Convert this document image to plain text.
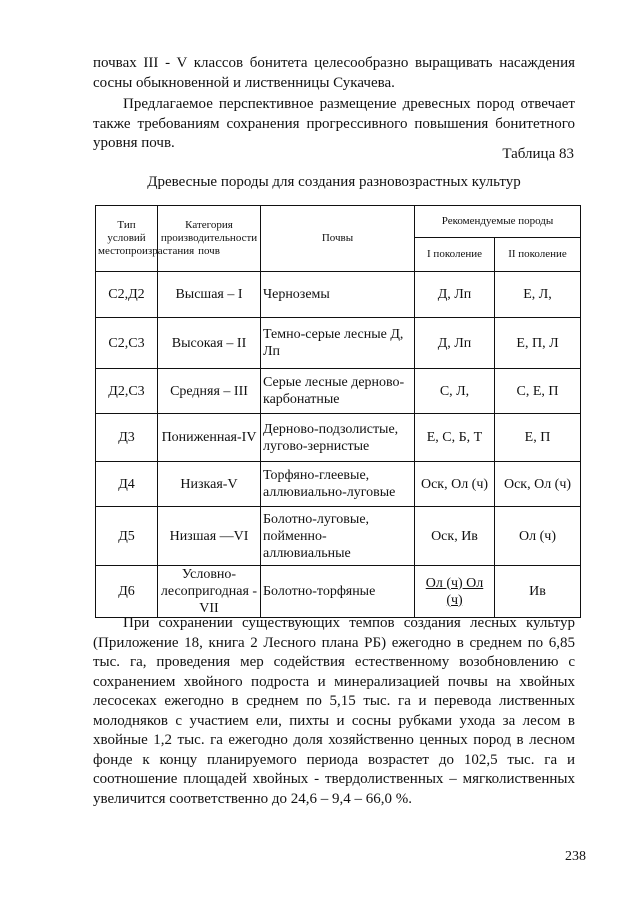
почвах III - V классов бонитета целесообразно выращивать насаждения сосны обыкновенной и лиственницы Сукачева.

Предлагаемое перспективное размещение древесных пород отвечает также требованиям сохранения прогрессивного повышения бонитетного уровня почв.

Таблица 83
Древесные породы для создания разновозрастных культур
Тип условий местопроизрастания	Категория производительности почв	Почвы	Рекомендуемые породы	
			I поколение	II поколение
С2,Д2	Высшая – I	Черноземы	Д, Лп	Е, Л,
С2,С3	Высокая – II	Темно-серые лесные Д, Лп	Д, Лп	Е, П, Л
Д2,С3	Средняя – III	Серые лесные дерново-карбонатные	С, Л,	С, Е, П
Д3	Пониженная-IV	Дерново-подзолистые, лугово-зернистые	Е, С, Б, Т	Е, П
Д4	Низкая-V	Торфяно-глеевые, аллювиально-луговые	Оск, Ол (ч)	Оск, Ол (ч)
Д5	Низшая —VI	Болотно-луговые, пойменно-аллювиальные	Оск, Ив	Ол (ч)
Д6	Условно-лесопригодная -VII	Болотно-торфяные	Ол (ч) Ол (ч)	Ив

При сохранении существующих темпов создания лесных культур (Приложение 18, книга 2 Лесного плана РБ) ежегодно в среднем по 6,85 тыс. га, проведения мер содействия естественному возобновлению с сохранением хвойного подроста и минерализацией почвы на хвойных лесосеках ежегодно в среднем по 5,15 тыс. га и перевода лиственных молодняков с участием ели, пихты и сосны рубками ухода за лесом в хвойные 1,2 тыс. га ежегодно доля хозяйственно ценных пород в лесном фонде к концу планируемого периода возрастет до 102,5 тыс. га и соотношение площадей хвойных - твердолиственных – мягколиственных увеличится соответственно до 24,6 – 9,4 – 66,0 %.

238
